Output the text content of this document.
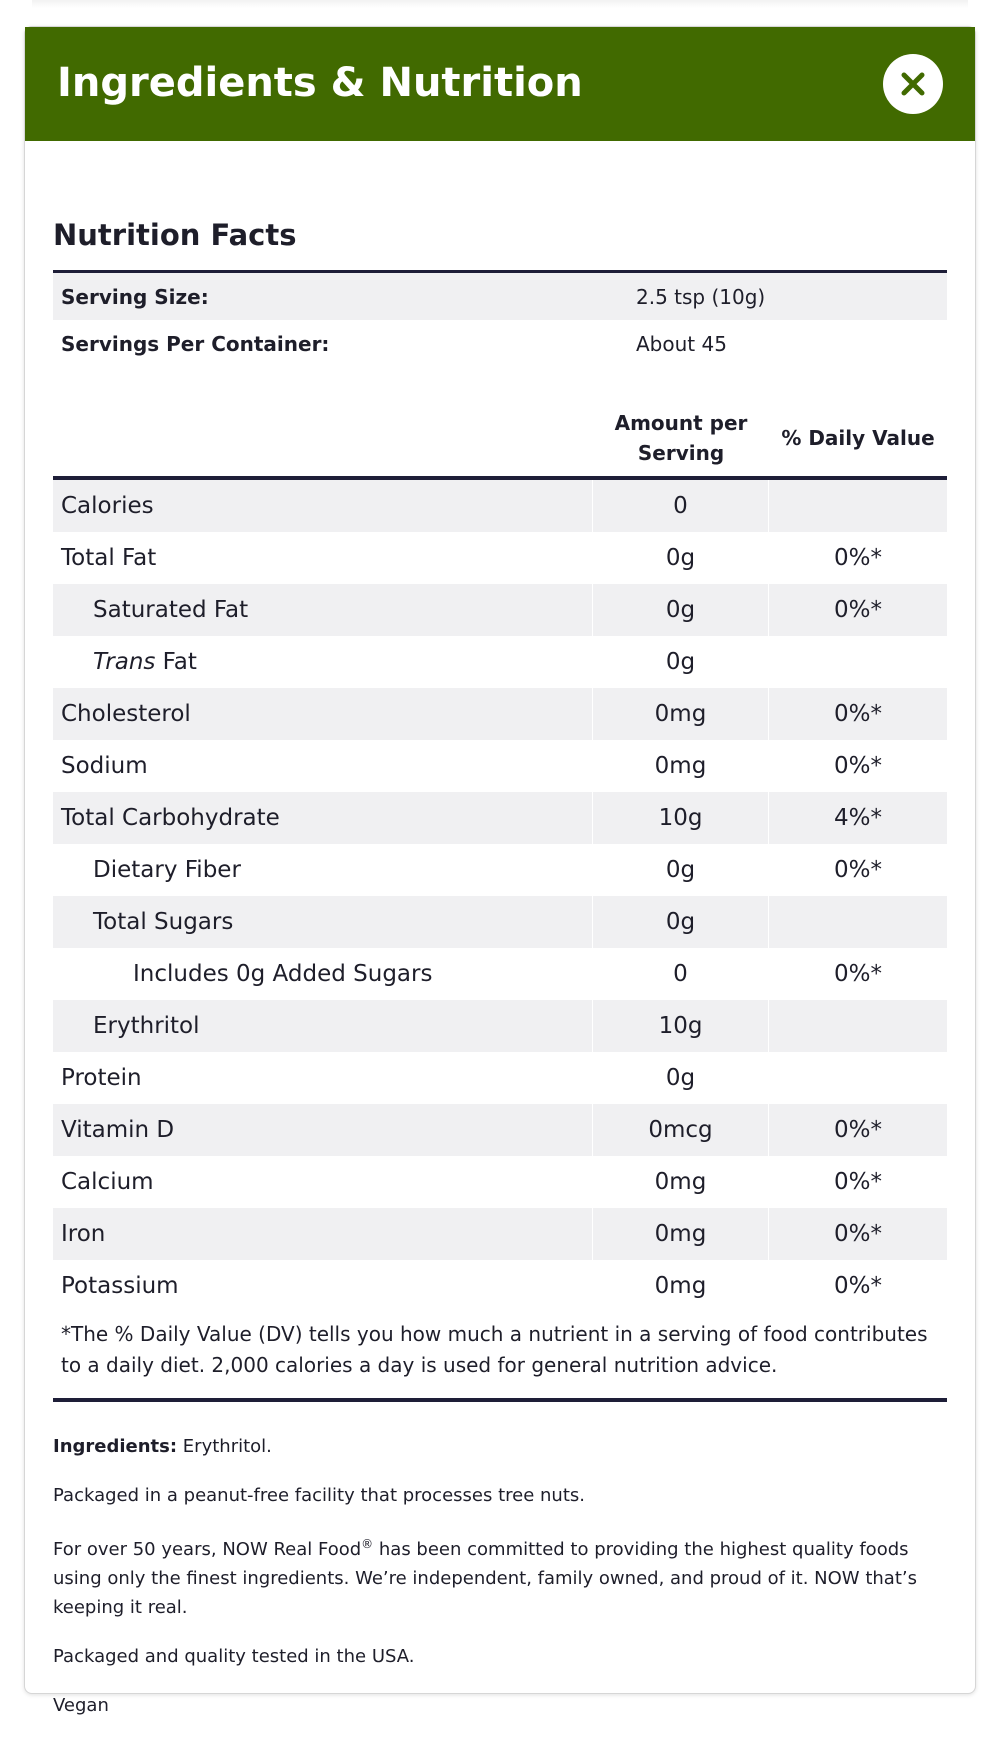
Ingredients & Nutrition
Nutrition Facts
Serving Size:	2.5 tsp (10g)
Servings Per Container:	About 45
Amount per
Serving
% Daily Value
Calories	0
Total Fat	0g	0%*
Saturated Fat	0g	0%*
Trans Fat	0g
Cholesterol	0mg	0%*
Sodium	0mg	0%*
Total Carbohydrate	10g	4%*
Dietary Fiber	0g	0%*
Total Sugars	0g
Includes 0g Added Sugars	0	0%*
Erythritol	10g
Protein	0g
Vitamin D	0mcg	0%*
Calcium	0mg	0%*
Iron	0mg	0%*
Potassium	0mg	0%*
*The % Daily Value (DV) tells you how much a nutrient in a serving of food contributes to a daily diet. 2,000 calories a day is used for general nutrition advice.

Ingredients: Erythritol.

Packaged in a peanut-free facility that processes tree nuts.

For over 50 years, NOW Real Food® has been committed to providing the highest quality foods using only the finest ingredients. We’re independent, family owned, and proud of it. NOW that’s keeping it real.

Packaged and quality tested in the USA.

Vegan
